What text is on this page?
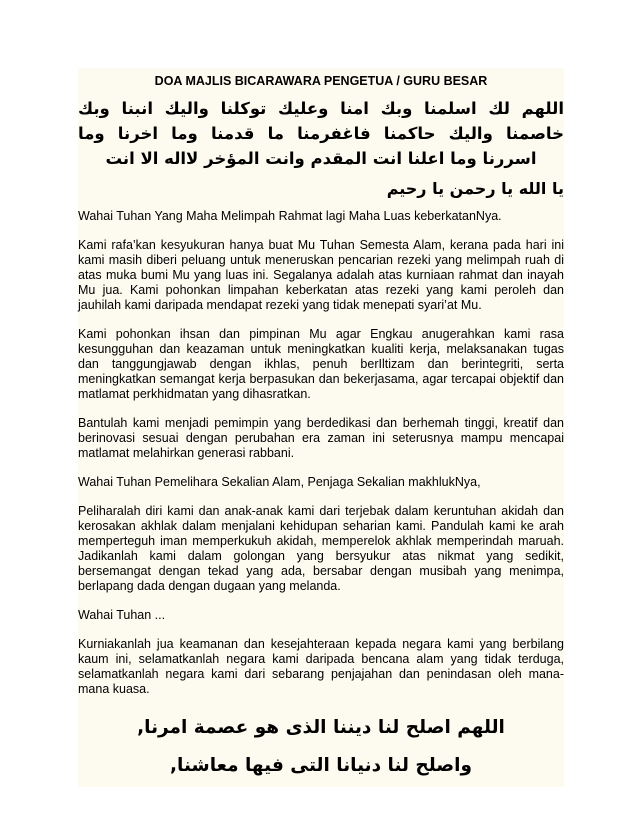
DOA MAJLIS BICARAWARA PENGETUA / GURU BESAR

اللهم لك اسلمنا وبك امنا وعليك توكلنا واليك انبنا وبك خاصمنا واليك حاكمنا فاغفرمنا ما قدمنا وما اخرنا وما اسررنا وما اعلنا انت المقدم وانت المؤخر لااله الا انت

يا الله يا رحمن يا رحيم

Wahai Tuhan Yang Maha Melimpah Rahmat lagi Maha Luas keberkatanNya.

Kami rafa’kan kesyukuran hanya buat Mu Tuhan Semesta Alam, kerana pada hari ini kami masih diberi peluang untuk meneruskan pencarian rezeki yang melimpah ruah di atas muka bumi Mu yang luas ini. Segalanya adalah atas kurniaan rahmat dan inayah Mu jua. Kami pohonkan limpahan keberkatan atas rezeki yang kami peroleh dan jauhilah kami daripada mendapat rezeki yang tidak menepati syari’at Mu.

Kami pohonkan ihsan dan pimpinan Mu agar Engkau anugerahkan kami rasa kesungguhan dan keazaman untuk meningkatkan kualiti kerja, melaksanakan tugas dan tanggungjawab dengan ikhlas, penuh berIltizam dan berintegriti, serta meningkatkan semangat kerja berpasukan dan bekerjasama, agar tercapai objektif dan matlamat perkhidmatan yang dihasratkan.

Bantulah kami menjadi pemimpin yang berdedikasi dan berhemah tinggi, kreatif dan berinovasi sesuai dengan perubahan era zaman ini seterusnya mampu mencapai matlamat melahirkan generasi rabbani.

Wahai Tuhan Pemelihara Sekalian Alam, Penjaga Sekalian makhlukNya,

Peliharalah diri kami dan anak-anak kami dari terjebak dalam keruntuhan akidah dan kerosakan akhlak dalam menjalani kehidupan seharian kami. Pandulah kami ke arah memperteguh iman memperkukuh akidah, memperelok akhlak memperindah maruah. Jadikanlah kami dalam golongan yang bersyukur atas nikmat yang sedikit, bersemangat dengan tekad yang ada, bersabar dengan musibah yang menimpa, berlapang dada dengan dugaan yang melanda.

Wahai Tuhan ...

Kurniakanlah jua keamanan dan kesejahteraan kepada negara kami yang berbilang kaum ini, selamatkanlah negara kami daripada bencana alam yang tidak terduga, selamatkanlah negara kami dari sebarang penjajahan dan penindasan oleh mana-mana kuasa.

اللهم اصلح لنا ديننا الذى هو عصمة امرنا,

واصلح لنا دنيانا التى فيها معاشنا,
